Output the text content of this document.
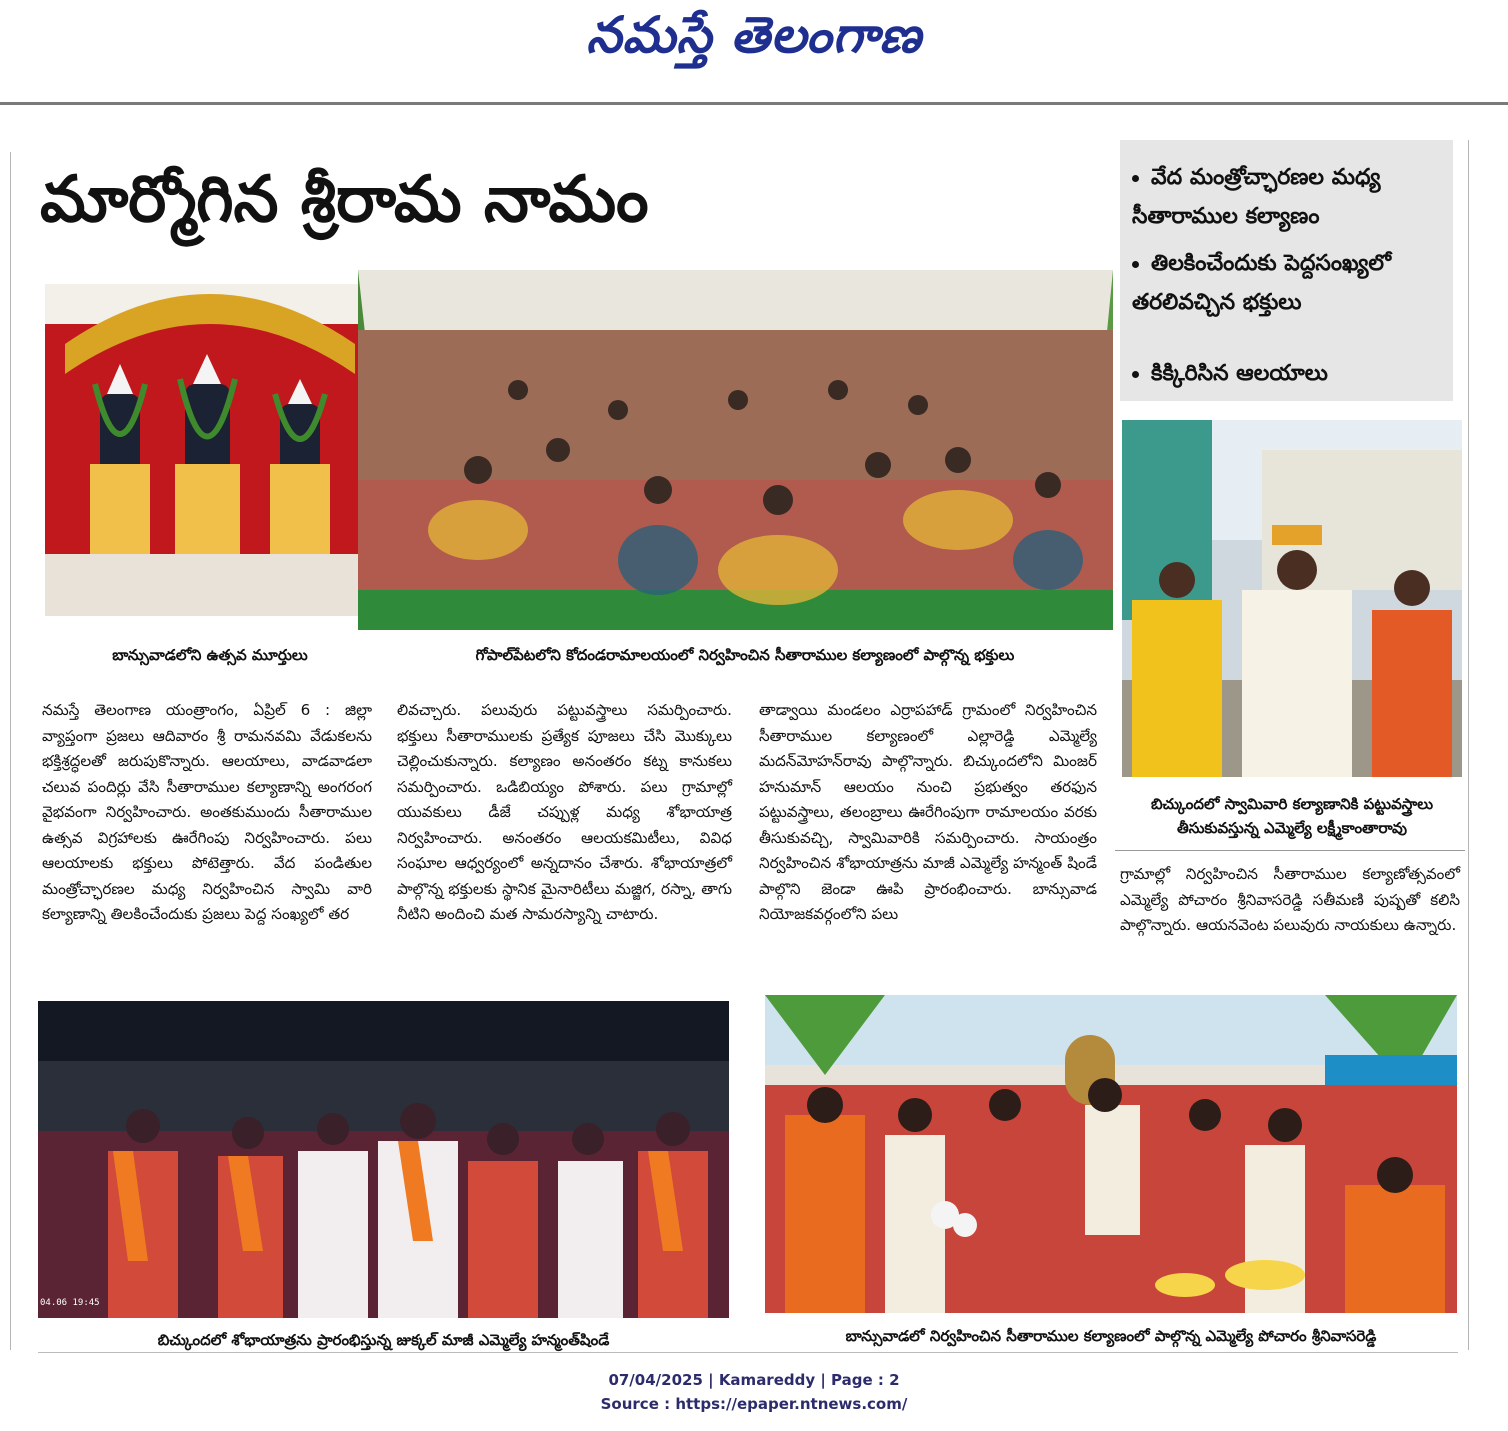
నమస్తే తెలంగాణ
మార్మోగిన శ్రీరామ నామం	వేద మంత్రోచ్ఛారణల మధ్య సీతారాముల కల్యాణం
తిలకించేందుకు పెద్దసంఖ్యలో తరలివచ్చిన భక్తులు
కిక్కిరిసిన ఆలయాలు
బాన్సువాడలోని ఉత్సవ మూర్తులు	గోపాల్‌పేటలోని కోదండరామాలయంలో నిర్వహించిన సీతారాముల కల్యాణంలో పాల్గొన్న భక్తులు
బిచ్కుందలో స్వామివారి కల్యాణానికి పట్టువస్త్రాలు
తీసుకువస్తున్న ఎమ్మెల్యే లక్ష్మీకాంతారావు

నమస్తే తెలంగాణ యంత్రాంగం, ఏప్రిల్ 6 : జిల్లా వ్యాప్తంగా ప్రజలు ఆదివారం శ్రీ రామనవమి వేడుకలను భక్తిశ్రద్ధలతో జరుపుకొన్నారు. ఆలయాలు, వాడవాడలా చలువ పందిర్లు వేసి సీతారాముల కల్యాణాన్ని అంగరంగ వైభవంగా నిర్వహించారు. అంతకుముందు సీతారాముల ఉత్సవ విగ్రహాలకు ఊరేగింపు నిర్వహించారు. పలు ఆలయాలకు భక్తులు పోటెత్తారు. వేద పండితుల మంత్రోచ్ఛారణల మధ్య నిర్వహించిన స్వామి వారి కల్యాణాన్ని తిలకించేందుకు ప్రజలు పెద్ద సంఖ్యలో తర

లివచ్చారు. పలువురు పట్టువస్త్రాలు సమర్పించారు. భక్తులు సీతారాములకు ప్రత్యేక పూజలు చేసి మొక్కులు చెల్లించుకున్నారు. కల్యాణం అనంతరం కట్న కానుకలు సమర్పించారు. ఒడిబియ్యం పోశారు. పలు గ్రామాల్లో యువకులు డీజే చప్పుళ్ల మధ్య శోభాయాత్ర నిర్వహించారు. అనంతరం ఆలయకమిటీలు, వివిధ సంఘాల ఆధ్వర్యంలో అన్నదానం చేశారు. శోభాయాత్రలో పాల్గొన్న భక్తులకు స్థానిక మైనారిటీలు మజ్జిగ, రస్నా, తాగు నీటిని అందించి మత సామరస్యాన్ని చాటారు.

తాడ్వాయి మండలం ఎర్రాపహాడ్ గ్రామంలో నిర్వహించిన సీతారాముల కల్యాణంలో ఎల్లారెడ్డి ఎమ్మెల్యే మదన్‌మోహన్‌రావు పాల్గొన్నారు. బిచ్కుందలోని మింజర్ హనుమాన్ ఆలయం నుంచి ప్రభుత్వం తరఫున పట్టువస్త్రాలు, తలంబ్రాలు ఊరేగింపుగా రామాలయం వరకు తీసుకువచ్చి, స్వామివారికి సమర్పించారు. సాయంత్రం నిర్వహించిన శోభాయాత్రను మాజీ ఎమ్మెల్యే హన్మంత్ షిండే పాల్గొని జెండా ఊపి ప్రారంభించారు. బాన్సువాడ నియోజకవర్గంలోని పలు

గ్రామాల్లో నిర్వహించిన సీతారాముల కల్యాణోత్సవంలో ఎమ్మెల్యే పోచారం శ్రీనివాసరెడ్డి సతీమణి పుష్పతో కలిసి పాల్గొన్నారు. ఆయనవెంట పలువురు నాయకులు ఉన్నారు.

04.06 19:45
బిచ్కుందలో శోభాయాత్రను ప్రారంభిస్తున్న జుక్కల్ మాజీ ఎమ్మెల్యే హన్మంత్‌షిండే	బాన్సువాడలో నిర్వహించిన సీతారాముల కల్యాణంలో పాల్గొన్న ఎమ్మెల్యే పోచారం శ్రీనివాసరెడ్డి
07/04/2025 | Kamareddy | Page : 2
Source : https://epaper.ntnews.com/
